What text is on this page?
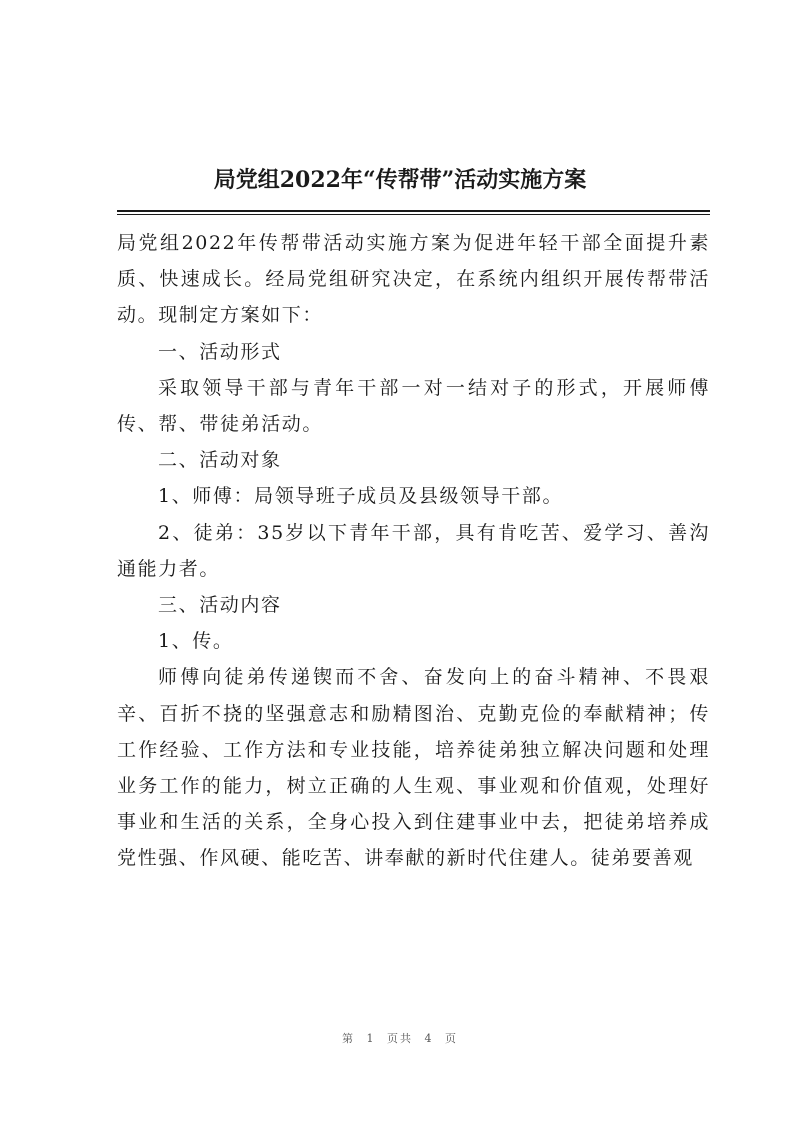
局党组2022年“传帮带”活动实施方案

局党组2022年传帮带活动实施方案为促进年轻干部全面提升素质、快速成长。经局党组研究决定，在系统内组织开展传帮带活动。现制定方案如下：

一、活动形式

采取领导干部与青年干部一对一结对子的形式，开展师傅传、帮、带徒弟活动。

二、活动对象

1、师傅：局领导班子成员及县级领导干部。

2、徒弟：35岁以下青年干部，具有肯吃苦、爱学习、善沟通能力者。

三、活动内容

1、传。

师傅向徒弟传递锲而不舍、奋发向上的奋斗精神、不畏艰辛、百折不挠的坚强意志和励精图治、克勤克俭的奉献精神；传工作经验、工作方法和专业技能，培养徒弟独立解决问题和处理业务工作的能力，树立正确的人生观、事业观和价值观，处理好事业和生活的关系，全身心投入到住建事业中去，把徒弟培养成党性强、作风硬、能吃苦、讲奉献的新时代住建人。徒弟要善观

第 1 页共 4 页
